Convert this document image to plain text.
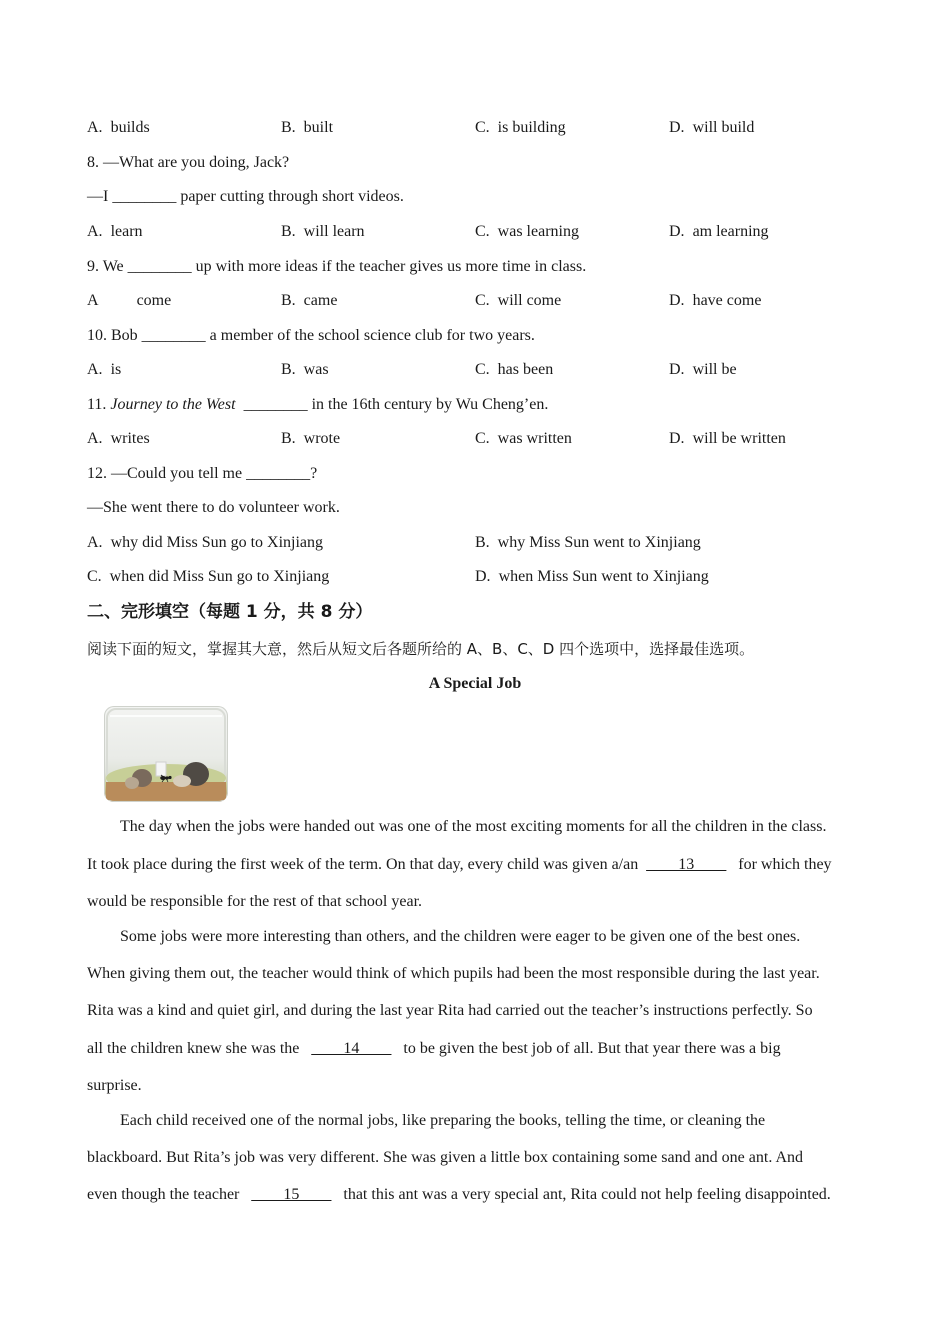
A. builds	B. built	C. is building	D. will build
8. —What are you doing, Jack?
—I ________ paper cutting through short videos.
A. learn	B. will learn	C. was learning	D. am learning
9. We ________ up with more ideas if the teacher gives us more time in class.
A come	B. came	C. will come	D. have come
10. Bob ________ a member of the school science club for two years.
A. is	B. was	C. has been	D. will be
11. Journey to the West ________ in the 16th century by Wu Cheng’en.
A. writes	B. wrote	C. was written	D. will be written
12. —Could you tell me ________?
—She went there to do volunteer work.
A. why did Miss Sun go to Xinjiang	B. why Miss Sun went to Xinjiang
C. when did Miss Sun go to Xinjiang	D. when Miss Sun went to Xinjiang
二、完形填空（每题 1 分，共 8 分）
阅读下面的短文，掌握其大意，然后从短文后各题所给的 A、B、C、D 四个选项中，选择最佳选项。
A Special Job
The day when the jobs were handed out was one of the most exciting moments for all the children in the class.
It took place during the first week of the term. On that day, every child was given a/an ____13____ for which they
would be responsible for the rest of that school year.
Some jobs were more interesting than others, and the children were eager to be given one of the best ones.
When giving them out, the teacher would think of which pupils had been the most responsible during the last year.
Rita was a kind and quiet girl, and during the last year Rita had carried out the teacher’s instructions perfectly. So
all the children knew she was the ____14____ to be given the best job of all. But that year there was a big
surprise.
Each child received one of the normal jobs, like preparing the books, telling the time, or cleaning the
blackboard. But Rita’s job was very different. She was given a little box containing some sand and one ant. And
even though the teacher ____15____ that this ant was a very special ant, Rita could not help feeling disappointed.
